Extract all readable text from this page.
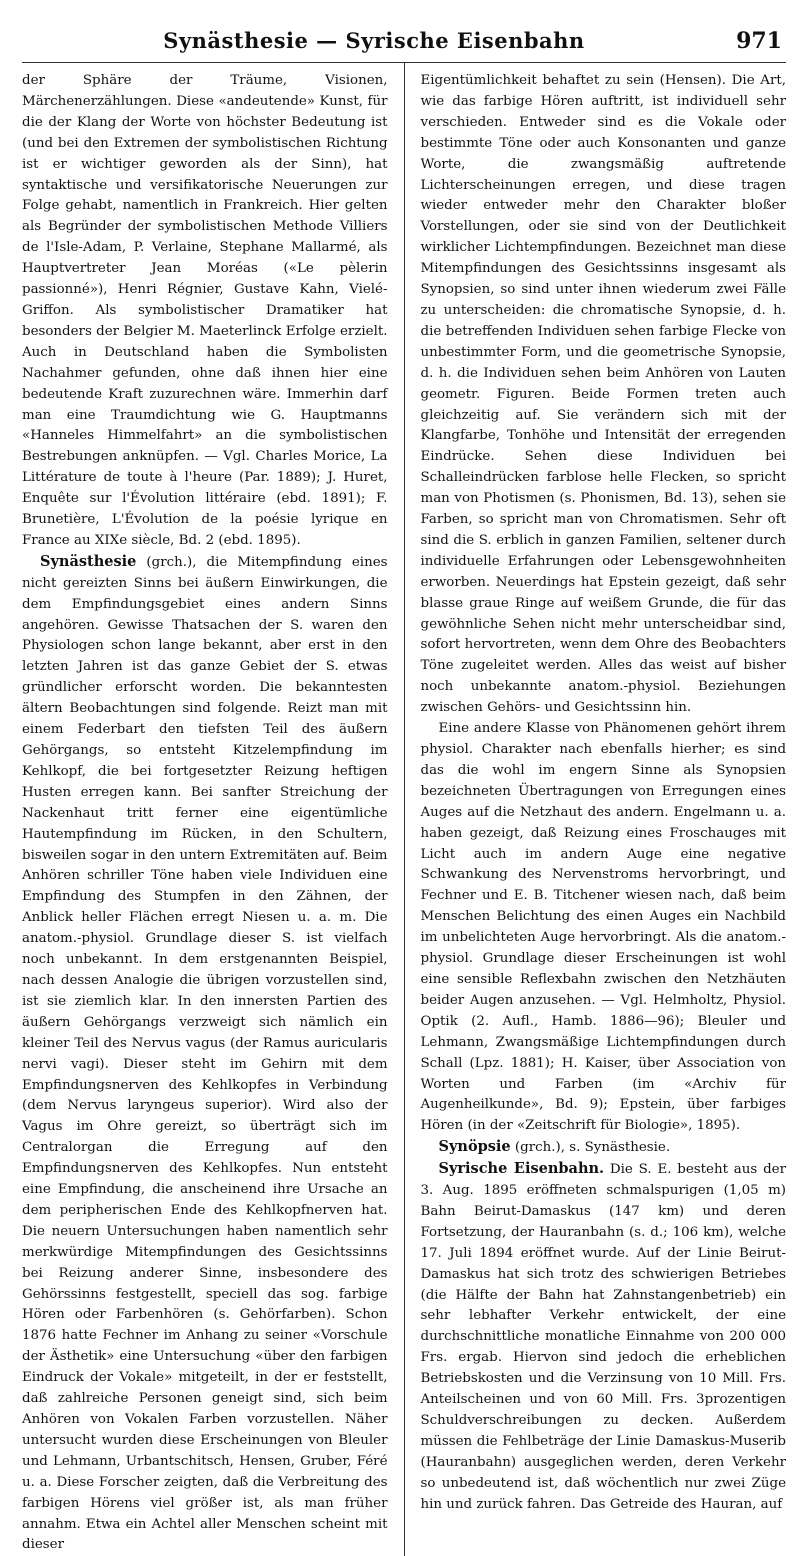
Synästhesie — Syrische Eisenbahn	971

der Sphäre der Träume, Visionen, Märchenerzählungen. Diese «andeutende» Kunst, für die der Klang der Worte von höchster Bedeutung ist (und bei den Extremen der symbolistischen Richtung ist er wichtiger geworden als der Sinn), hat syntaktische und versifikatorische Neuerungen zur Folge gehabt, namentlich in Frankreich. Hier gelten als Begründer der symbolistischen Methode Villiers de l'Isle-Adam, P. Verlaine, Stephane Mallarmé, als Hauptvertreter Jean Moréas («Le pèlerin passionné»), Henri Régnier, Gustave Kahn, Vielé-Griffon. Als symbolistischer Dramatiker hat besonders der Belgier M. Maeterlinck Erfolge erzielt. Auch in Deutschland haben die Symbolisten Nachahmer gefunden, ohne daß ihnen hier eine bedeutende Kraft zuzurechnen wäre. Immerhin darf man eine Traumdichtung wie G. Hauptmanns «Hanneles Himmelfahrt» an die symbolistischen Bestrebungen anknüpfen. — Vgl. Charles Morice, La Littérature de toute à l'heure (Par. 1889); J. Huret, Enquête sur l'Évolution littéraire (ebd. 1891); F. Brunetière, L'Évolution de la poésie lyrique en France au XIXe siècle, Bd. 2 (ebd. 1895).

Synästhesie (grch.), die Mitempfindung eines nicht gereizten Sinns bei äußern Einwirkungen, die dem Empfindungsgebiet eines andern Sinns angehören. Gewisse Thatsachen der S. waren den Physiologen schon lange bekannt, aber erst in den letzten Jahren ist das ganze Gebiet der S. etwas gründlicher erforscht worden. Die bekanntesten ältern Beobachtungen sind folgende. Reizt man mit einem Federbart den tiefsten Teil des äußern Gehörgangs, so entsteht Kitzelempfindung im Kehlkopf, die bei fortgesetzter Reizung heftigen Husten erregen kann. Bei sanfter Streichung der Nackenhaut tritt ferner eine eigentümliche Hautempfindung im Rücken, in den Schultern, bisweilen sogar in den untern Extremitäten auf. Beim Anhören schriller Töne haben viele Individuen eine Empfindung des Stumpfen in den Zähnen, der Anblick heller Flächen erregt Niesen u. a. m. Die anatom.-physiol. Grundlage dieser S. ist vielfach noch unbekannt. In dem erstgenannten Beispiel, nach dessen Analogie die übrigen vorzustellen sind, ist sie ziemlich klar. In den innersten Partien des äußern Gehörgangs verzweigt sich nämlich ein kleiner Teil des Nervus vagus (der Ramus auricularis nervi vagi). Dieser steht im Gehirn mit dem Empfindungsnerven des Kehlkopfes in Verbindung (dem Nervus laryngeus superior). Wird also der Vagus im Ohre gereizt, so überträgt sich im Centralorgan die Erregung auf den Empfindungsnerven des Kehlkopfes. Nun entsteht eine Empfindung, die anscheinend ihre Ursache an dem peripherischen Ende des Kehlkopfnerven hat. Die neuern Untersuchungen haben namentlich sehr merkwürdige Mitempfindungen des Gesichtssinns bei Reizung anderer Sinne, insbesondere des Gehörssinns festgestellt, speciell das sog. farbige Hören oder Farbenhören (s. Gehörfarben). Schon 1876 hatte Fechner im Anhang zu seiner «Vorschule der Ästhetik» eine Untersuchung «über den farbigen Eindruck der Vokale» mitgeteilt, in der er feststellt, daß zahlreiche Personen geneigt sind, sich beim Anhören von Vokalen Farben vorzustellen. Näher untersucht wurden diese Erscheinungen von Bleuler und Lehmann, Urbantschitsch, Hensen, Gruber, Féré u. a. Diese Forscher zeigten, daß die Verbreitung des farbigen Hörens viel größer ist, als man früher annahm. Etwa ein Achtel aller Menschen scheint mit dieser

Eigentümlichkeit behaftet zu sein (Hensen). Die Art, wie das farbige Hören auftritt, ist individuell sehr verschieden. Entweder sind es die Vokale oder bestimmte Töne oder auch Konsonanten und ganze Worte, die zwangsmäßig auftretende Lichterscheinungen erregen, und diese tragen wieder entweder mehr den Charakter bloßer Vorstellungen, oder sie sind von der Deutlichkeit wirklicher Lichtempfindungen. Bezeichnet man diese Mitempfindungen des Gesichtssinns insgesamt als Synopsien, so sind unter ihnen wiederum zwei Fälle zu unterscheiden: die chromatische Synopsie, d. h. die betreffenden Individuen sehen farbige Flecke von unbestimmter Form, und die geometrische Synopsie, d. h. die Individuen sehen beim Anhören von Lauten geometr. Figuren. Beide Formen treten auch gleichzeitig auf. Sie verändern sich mit der Klangfarbe, Tonhöhe und Intensität der erregenden Eindrücke. Sehen diese Individuen bei Schalleindrücken farblose helle Flecken, so spricht man von Photismen (s. Phonismen, Bd. 13), sehen sie Farben, so spricht man von Chromatismen. Sehr oft sind die S. erblich in ganzen Familien, seltener durch individuelle Erfahrungen oder Lebensgewohnheiten erworben. Neuerdings hat Epstein gezeigt, daß sehr blasse graue Ringe auf weißem Grunde, die für das gewöhnliche Sehen nicht mehr unterscheidbar sind, sofort hervortreten, wenn dem Ohre des Beobachters Töne zugeleitet werden. Alles das weist auf bisher noch unbekannte anatom.-physiol. Beziehungen zwischen Gehörs- und Gesichtssinn hin.

Eine andere Klasse von Phänomenen gehört ihrem physiol. Charakter nach ebenfalls hierher; es sind das die wohl im engern Sinne als Synopsien bezeichneten Übertragungen von Erregungen eines Auges auf die Netzhaut des andern. Engelmann u. a. haben gezeigt, daß Reizung eines Froschauges mit Licht auch im andern Auge eine negative Schwankung des Nervenstroms hervorbringt, und Fechner und E. B. Titchener wiesen nach, daß beim Menschen Belichtung des einen Auges ein Nachbild im unbelichteten Auge hervorbringt. Als die anatom.-physiol. Grundlage dieser Erscheinungen ist wohl eine sensible Reflexbahn zwischen den Netzhäuten beider Augen anzusehen. — Vgl. Helmholtz, Physiol. Optik (2. Aufl., Hamb. 1886—96); Bleuler und Lehmann, Zwangsmäßige Lichtempfindungen durch Schall (Lpz. 1881); H. Kaiser, über Association von Worten und Farben (im «Archiv für Augenheilkunde», Bd. 9); Epstein, über farbiges Hören (in der «Zeitschrift für Biologie», 1895).

Synöpsie (grch.), s. Synästhesie.

Syrische Eisenbahn. Die S. E. besteht aus der 3. Aug. 1895 eröffneten schmalspurigen (1,05 m) Bahn Beirut-Damaskus (147 km) und deren Fortsetzung, der Hauranbahn (s. d.; 106 km), welche 17. Juli 1894 eröffnet wurde. Auf der Linie Beirut-Damaskus hat sich trotz des schwierigen Betriebes (die Hälfte der Bahn hat Zahnstangenbetrieb) ein sehr lebhafter Verkehr entwickelt, der eine durchschnittliche monatliche Einnahme von 200 000 Frs. ergab. Hiervon sind jedoch die erheblichen Betriebskosten und die Verzinsung von 10 Mill. Frs. Anteilscheinen und von 60 Mill. Frs. 3prozentigen Schuldverschreibungen zu decken. Außerdem müssen die Fehlbeträge der Linie Damaskus-Muserib (Hauranbahn) ausgeglichen werden, deren Verkehr so unbedeutend ist, daß wöchentlich nur zwei Züge hin und zurück fahren. Das Getreide des Hauran, auf
